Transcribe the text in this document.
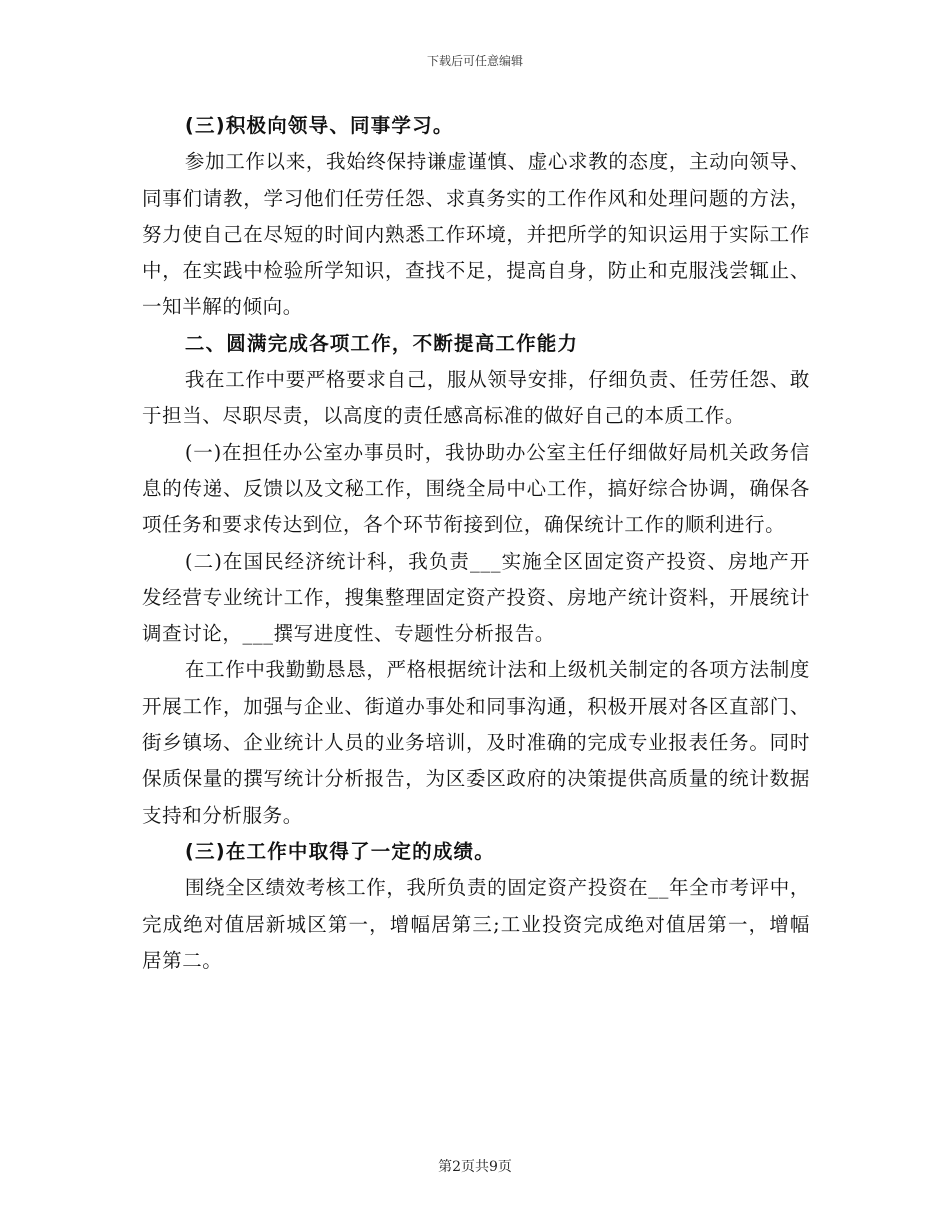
下载后可任意编辑

(三)积极向领导、同事学习。

参加工作以来，我始终保持谦虚谨慎、虚心求教的态度，主动向领导、同事们请教，学习他们任劳任怨、求真务实的工作作风和处理问题的方法，努力使自己在尽短的时间内熟悉工作环境，并把所学的知识运用于实际工作中，在实践中检验所学知识，查找不足，提高自身，防止和克服浅尝辄止、一知半解的倾向。

二、圆满完成各项工作，不断提高工作能力

我在工作中要严格要求自己，服从领导安排，仔细负责、任劳任怨、敢于担当、尽职尽责，以高度的责任感高标准的做好自己的本质工作。

(一)在担任办公室办事员时，我协助办公室主任仔细做好局机关政务信息的传递、反馈以及文秘工作，围绕全局中心工作，搞好综合协调，确保各项任务和要求传达到位，各个环节衔接到位，确保统计工作的顺利进行。

(二)在国民经济统计科，我负责___实施全区固定资产投资、房地产开发经营专业统计工作，搜集整理固定资产投资、房地产统计资料，开展统计调查讨论，___撰写进度性、专题性分析报告。

在工作中我勤勤恳恳，严格根据统计法和上级机关制定的各项方法制度开展工作，加强与企业、街道办事处和同事沟通，积极开展对各区直部门、街乡镇场、企业统计人员的业务培训，及时准确的完成专业报表任务。同时保质保量的撰写统计分析报告，为区委区政府的决策提供高质量的统计数据支持和分析服务。

(三)在工作中取得了一定的成绩。

围绕全区绩效考核工作，我所负责的固定资产投资在__年全市考评中，完成绝对值居新城区第一，增幅居第三;工业投资完成绝对值居第一，增幅居第二。

第2页共9页
